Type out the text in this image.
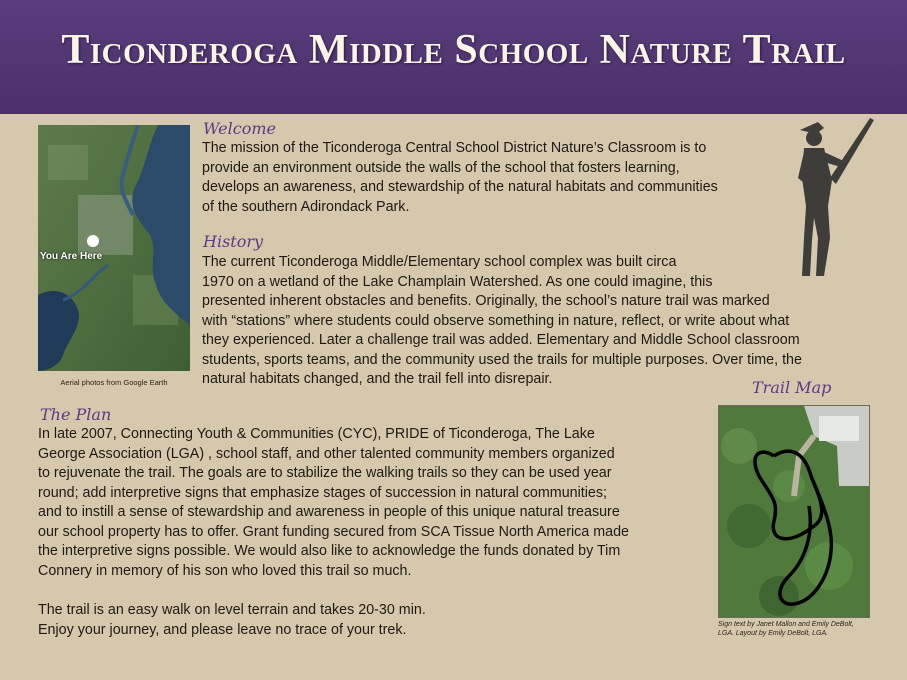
Ticonderoga Middle School Nature Trail
You Are Here
Aerial photos from Google Earth
Welcome
The mission of the Ticonderoga Central School District Nature’s Classroom is to
provide an environment outside the walls of the school that fosters learning,
develops an awareness, and stewardship of the natural habitats and communities
of the southern Adirondack Park.
History
The current Ticonderoga Middle/Elementary school complex was built circa
1970 on a wetland of the Lake Champlain Watershed. As one could imagine, this
presented inherent obstacles and benefits. Originally, the school’s nature trail was marked
with “stations” where students could observe something in nature, reflect, or write about what
they experienced. Later a challenge trail was added. Elementary and Middle School classroom
students, sports teams, and the community used the trails for multiple purposes. Over time, the
natural habitats changed, and the trail fell into disrepair.	Trail Map
The Plan
In late 2007, Connecting Youth & Communities (CYC), PRIDE of Ticonderoga, The Lake
George Association (LGA) , school staff, and other talented community members organized
to rejuvenate the trail. The goals are to stabilize the walking trails so they can be used year
round; add interpretive signs that emphasize stages of succession in natural communities;
and to instill a sense of stewardship and awareness in people of this unique natural treasure
our school property has to offer. Grant funding secured from SCA Tissue North America made
the interpretive signs possible. We would also like to acknowledge the funds donated by Tim
Connery in memory of his son who loved this trail so much.
The trail is an easy walk on level terrain and takes 20-30 min.
Enjoy your journey, and please leave no trace of your trek.	Sign text by Janet Mallon and Emily DeBolt,
LGA. Layout by Emily DeBolt, LGA.
